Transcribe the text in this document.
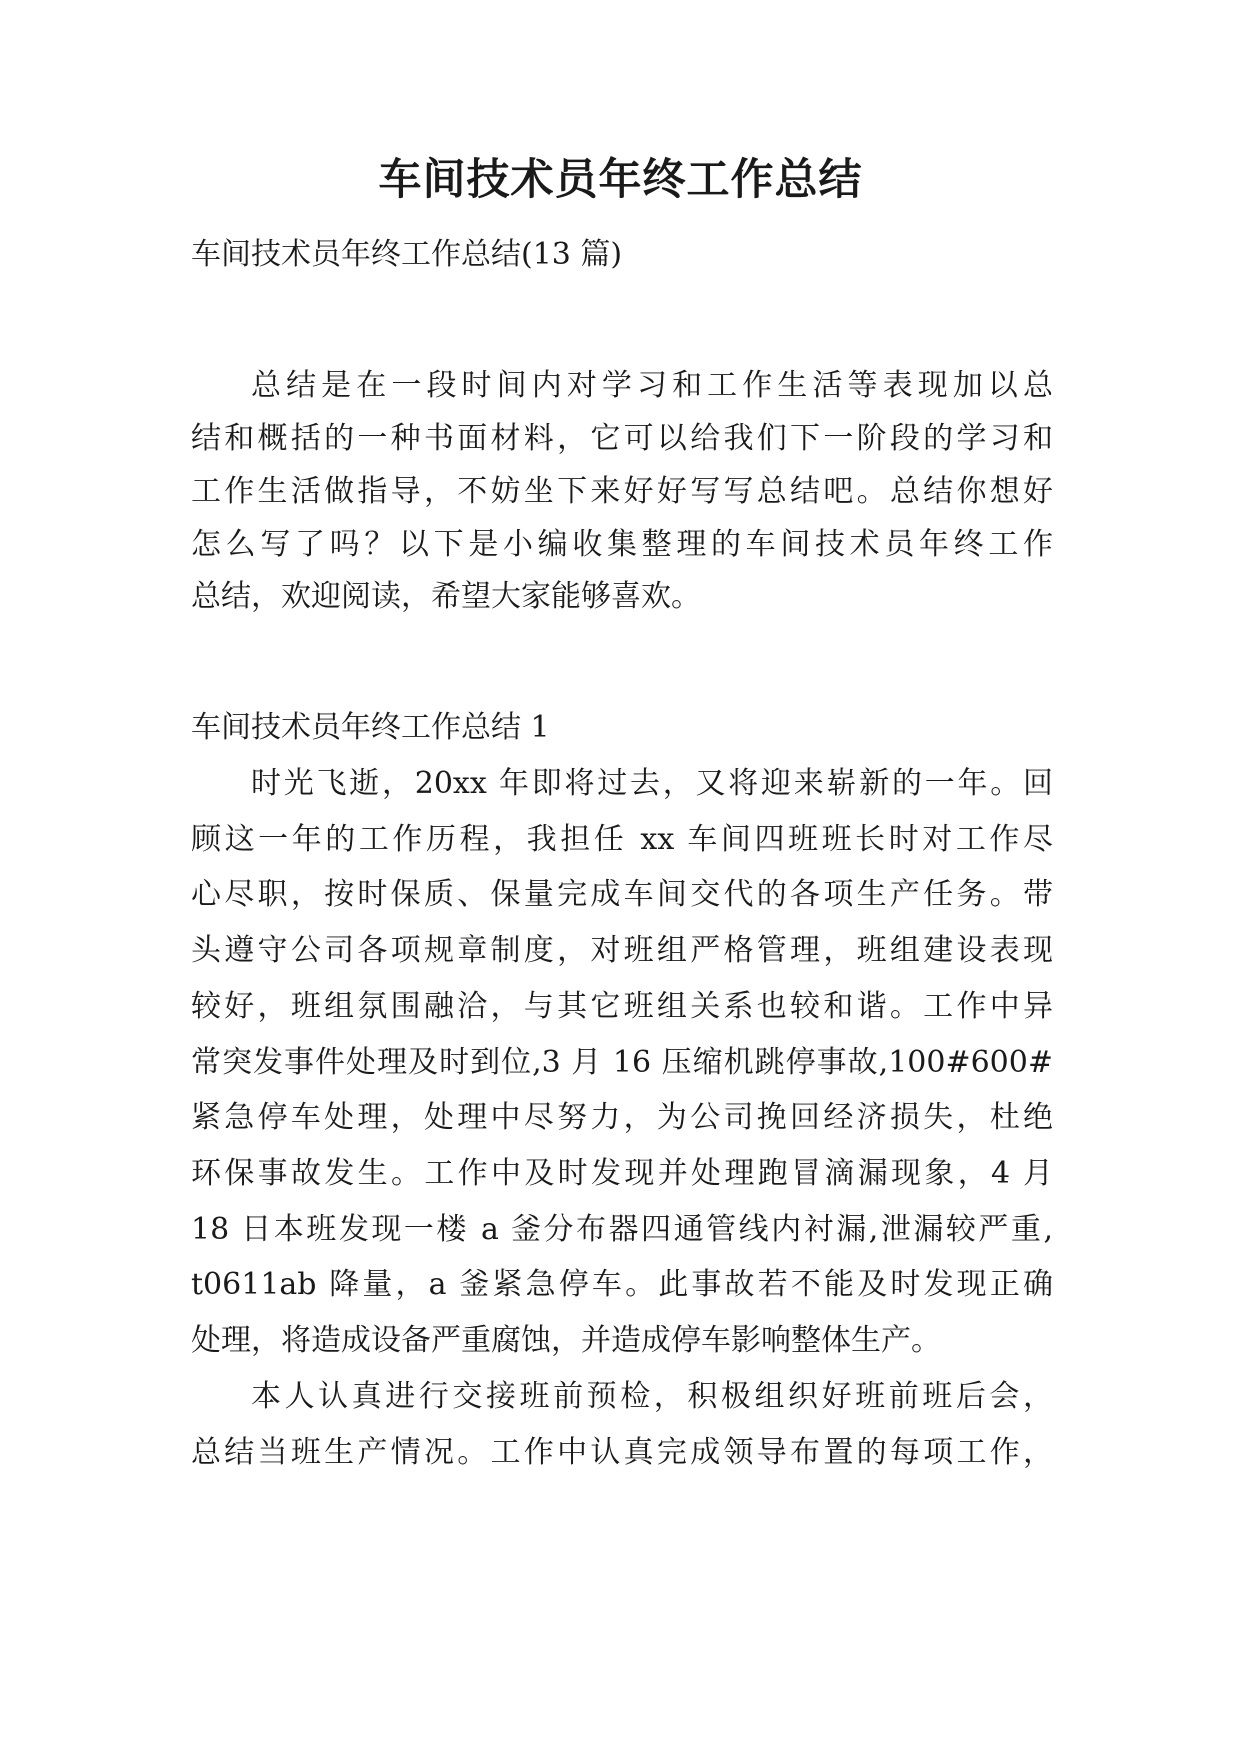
车间技术员年终工作总结
车间技术员年终工作总结(13 篇)
总结是在一段时间内对学习和工作生活等表现加以总
结和概括的一种书面材料，它可以给我们下一阶段的学习和
工作生活做指导，不妨坐下来好好写写总结吧。总结你想好
怎么写了吗？以下是小编收集整理的车间技术员年终工作
总结，欢迎阅读，希望大家能够喜欢。
车间技术员年终工作总结 1
时光飞逝，20xx 年即将过去，又将迎来崭新的一年。回
顾这一年的工作历程，我担任 xx 车间四班班长时对工作尽
心尽职，按时保质、保量完成车间交代的各项生产任务。带
头遵守公司各项规章制度，对班组严格管理，班组建设表现
较好，班组氛围融洽，与其它班组关系也较和谐。工作中异
常突发事件处理及时到位,3 月 16 压缩机跳停事故,100#600#
紧急停车处理，处理中尽努力，为公司挽回经济损失，杜绝
环保事故发生。工作中及时发现并处理跑冒滴漏现象，4 月
18 日本班发现一楼 a 釜分布器四通管线内衬漏,泄漏较严重,
t0611ab 降量，a 釜紧急停车。此事故若不能及时发现正确
处理，将造成设备严重腐蚀，并造成停车影响整体生产。
本人认真进行交接班前预检，积极组织好班前班后会，
总结当班生产情况。工作中认真完成领导布置的每项工作，
